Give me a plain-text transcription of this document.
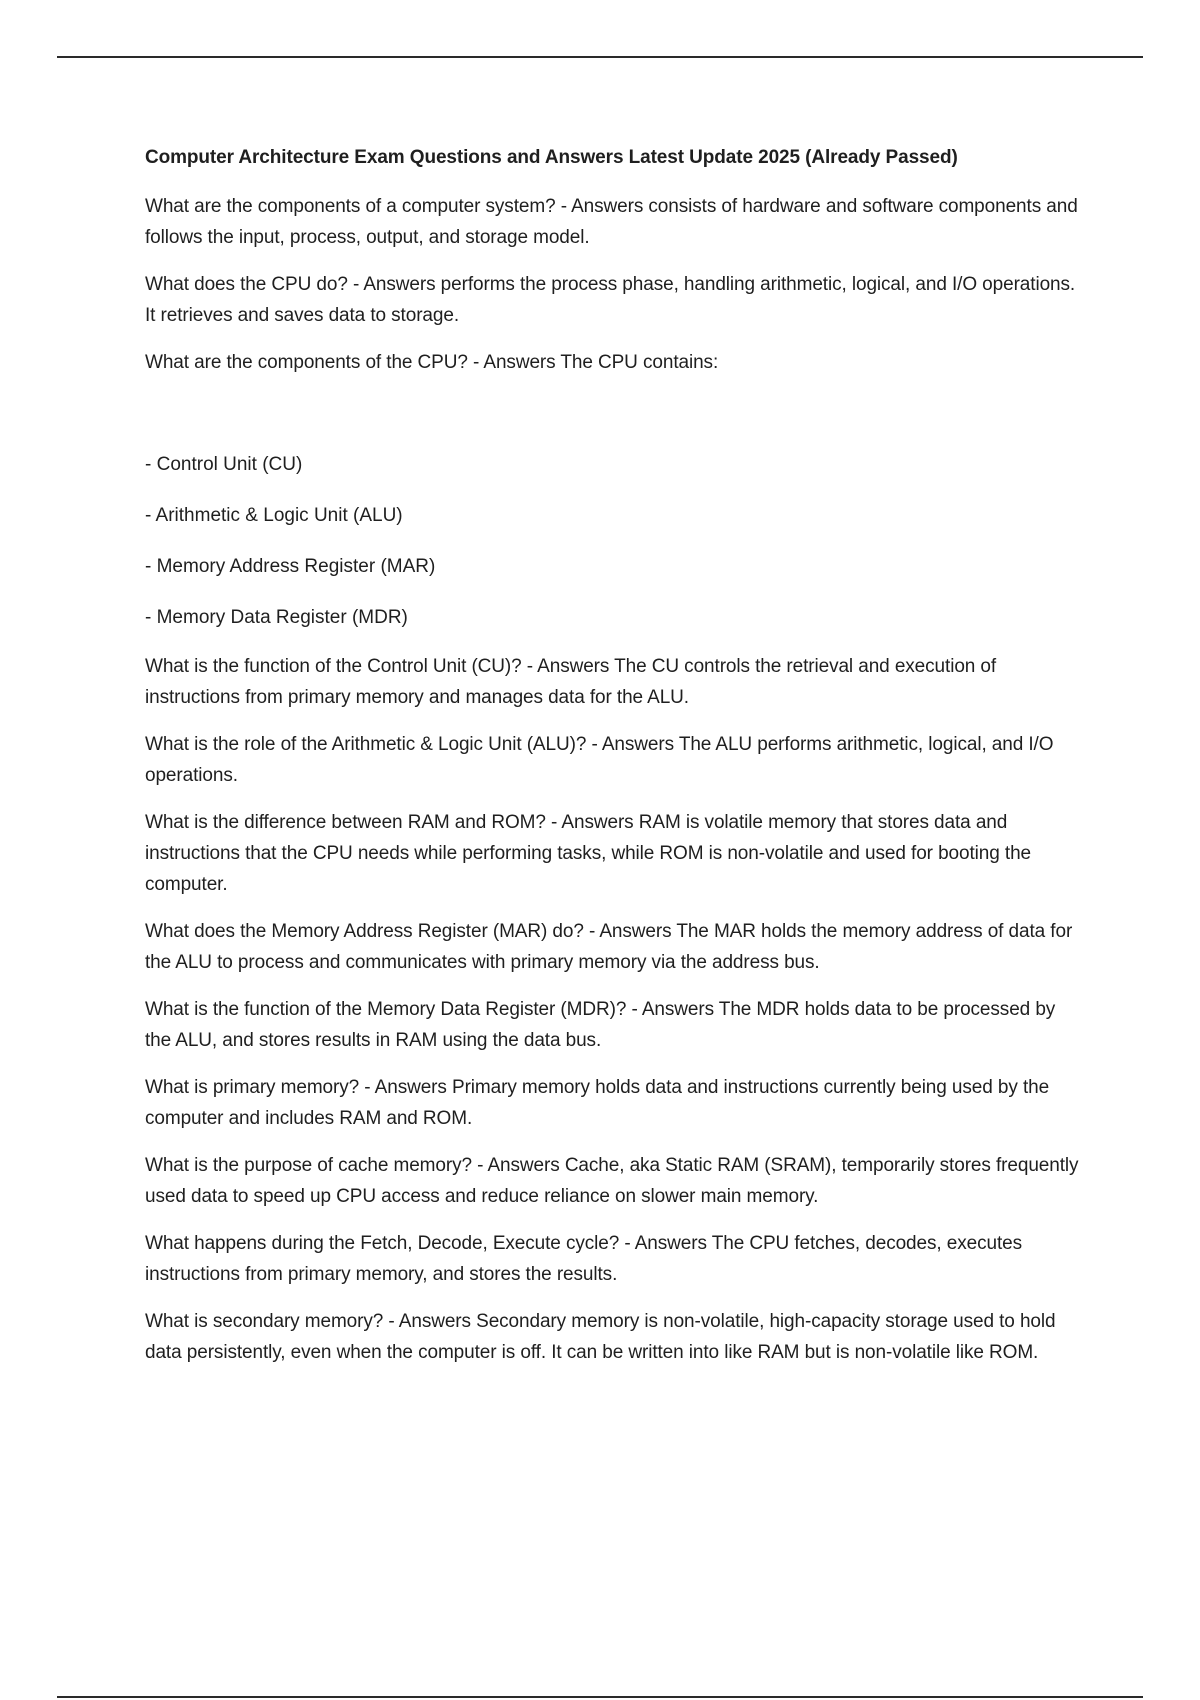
Computer Architecture Exam Questions and Answers Latest Update 2025 (Already Passed)
What are the components of a computer system? - Answers consists of hardware and software components and follows the input, process, output, and storage model.
What does the CPU do? - Answers performs the process phase, handling arithmetic, logical, and I/O operations. It retrieves and saves data to storage.
What are the components of the CPU? - Answers The CPU contains:
- Control Unit (CU)
- Arithmetic & Logic Unit (ALU)
- Memory Address Register (MAR)
- Memory Data Register (MDR)
What is the function of the Control Unit (CU)? - Answers The CU controls the retrieval and execution of instructions from primary memory and manages data for the ALU.
What is the role of the Arithmetic & Logic Unit (ALU)? - Answers The ALU performs arithmetic, logical, and I/O operations.
What is the difference between RAM and ROM? - Answers RAM is volatile memory that stores data and instructions that the CPU needs while performing tasks, while ROM is non-volatile and used for booting the computer.
What does the Memory Address Register (MAR) do? - Answers The MAR holds the memory address of data for the ALU to process and communicates with primary memory via the address bus.
What is the function of the Memory Data Register (MDR)? - Answers The MDR holds data to be processed by the ALU, and stores results in RAM using the data bus.
What is primary memory? - Answers Primary memory holds data and instructions currently being used by the computer and includes RAM and ROM.
What is the purpose of cache memory? - Answers Cache, aka Static RAM (SRAM), temporarily stores frequently used data to speed up CPU access and reduce reliance on slower main memory.
What happens during the Fetch, Decode, Execute cycle? - Answers The CPU fetches, decodes, executes instructions from primary memory, and stores the results.
What is secondary memory? - Answers Secondary memory is non-volatile, high-capacity storage used to hold data persistently, even when the computer is off. It can be written into like RAM but is non-volatile like ROM.
